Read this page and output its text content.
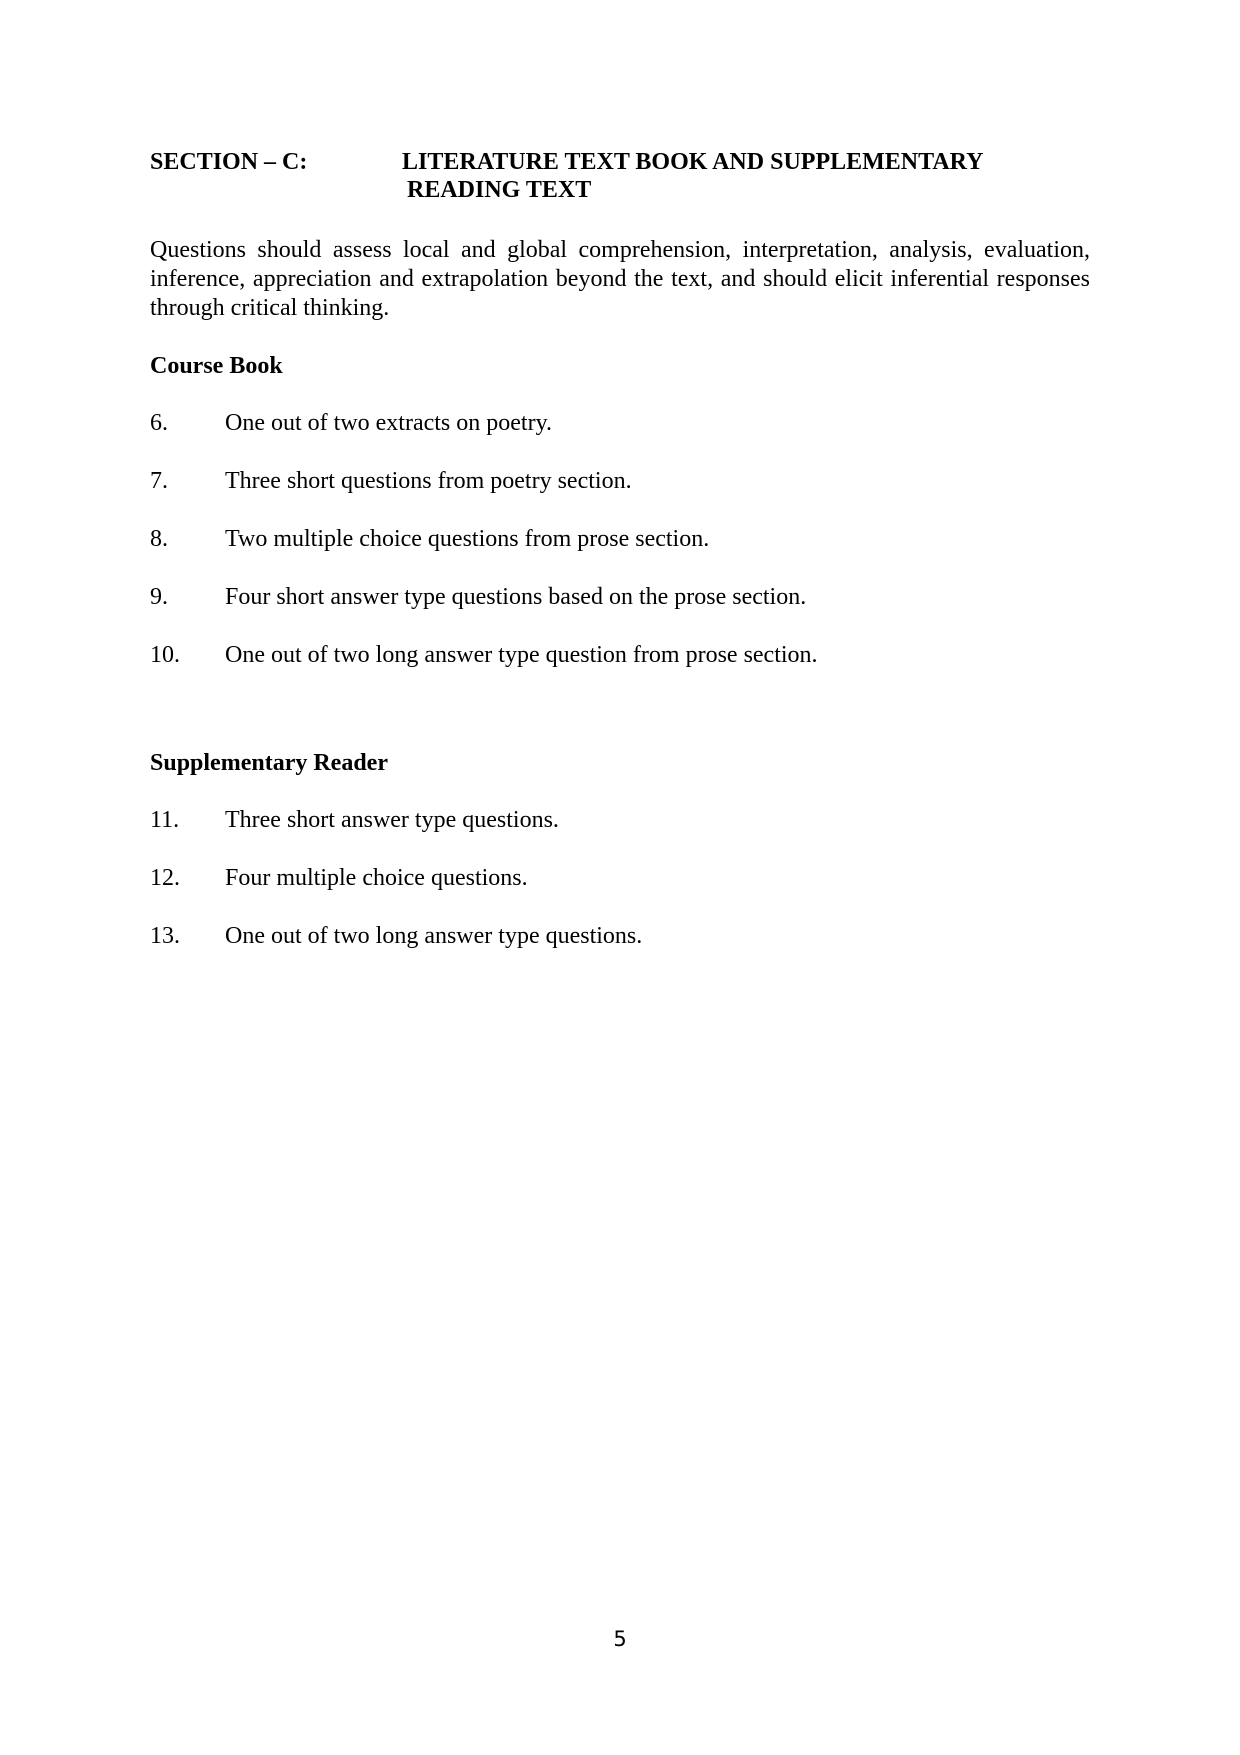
SECTION – C:	LITERATURE TEXT BOOK AND SUPPLEMENTARY
READING TEXT

Questions should assess local and global comprehension, interpretation, analysis, evaluation, inference, appreciation and extrapolation beyond the text, and should elicit inferential responses through critical thinking.

Course Book
6. One out of two extracts on poetry.
7. Three short questions from poetry section.
8. Two multiple choice questions from prose section.
9. Four short answer type questions based on the prose section.
10. One out of two long answer type question from prose section.
Supplementary Reader
11. Three short answer type questions.
12. Four multiple choice questions.
13. One out of two long answer type questions.
5
